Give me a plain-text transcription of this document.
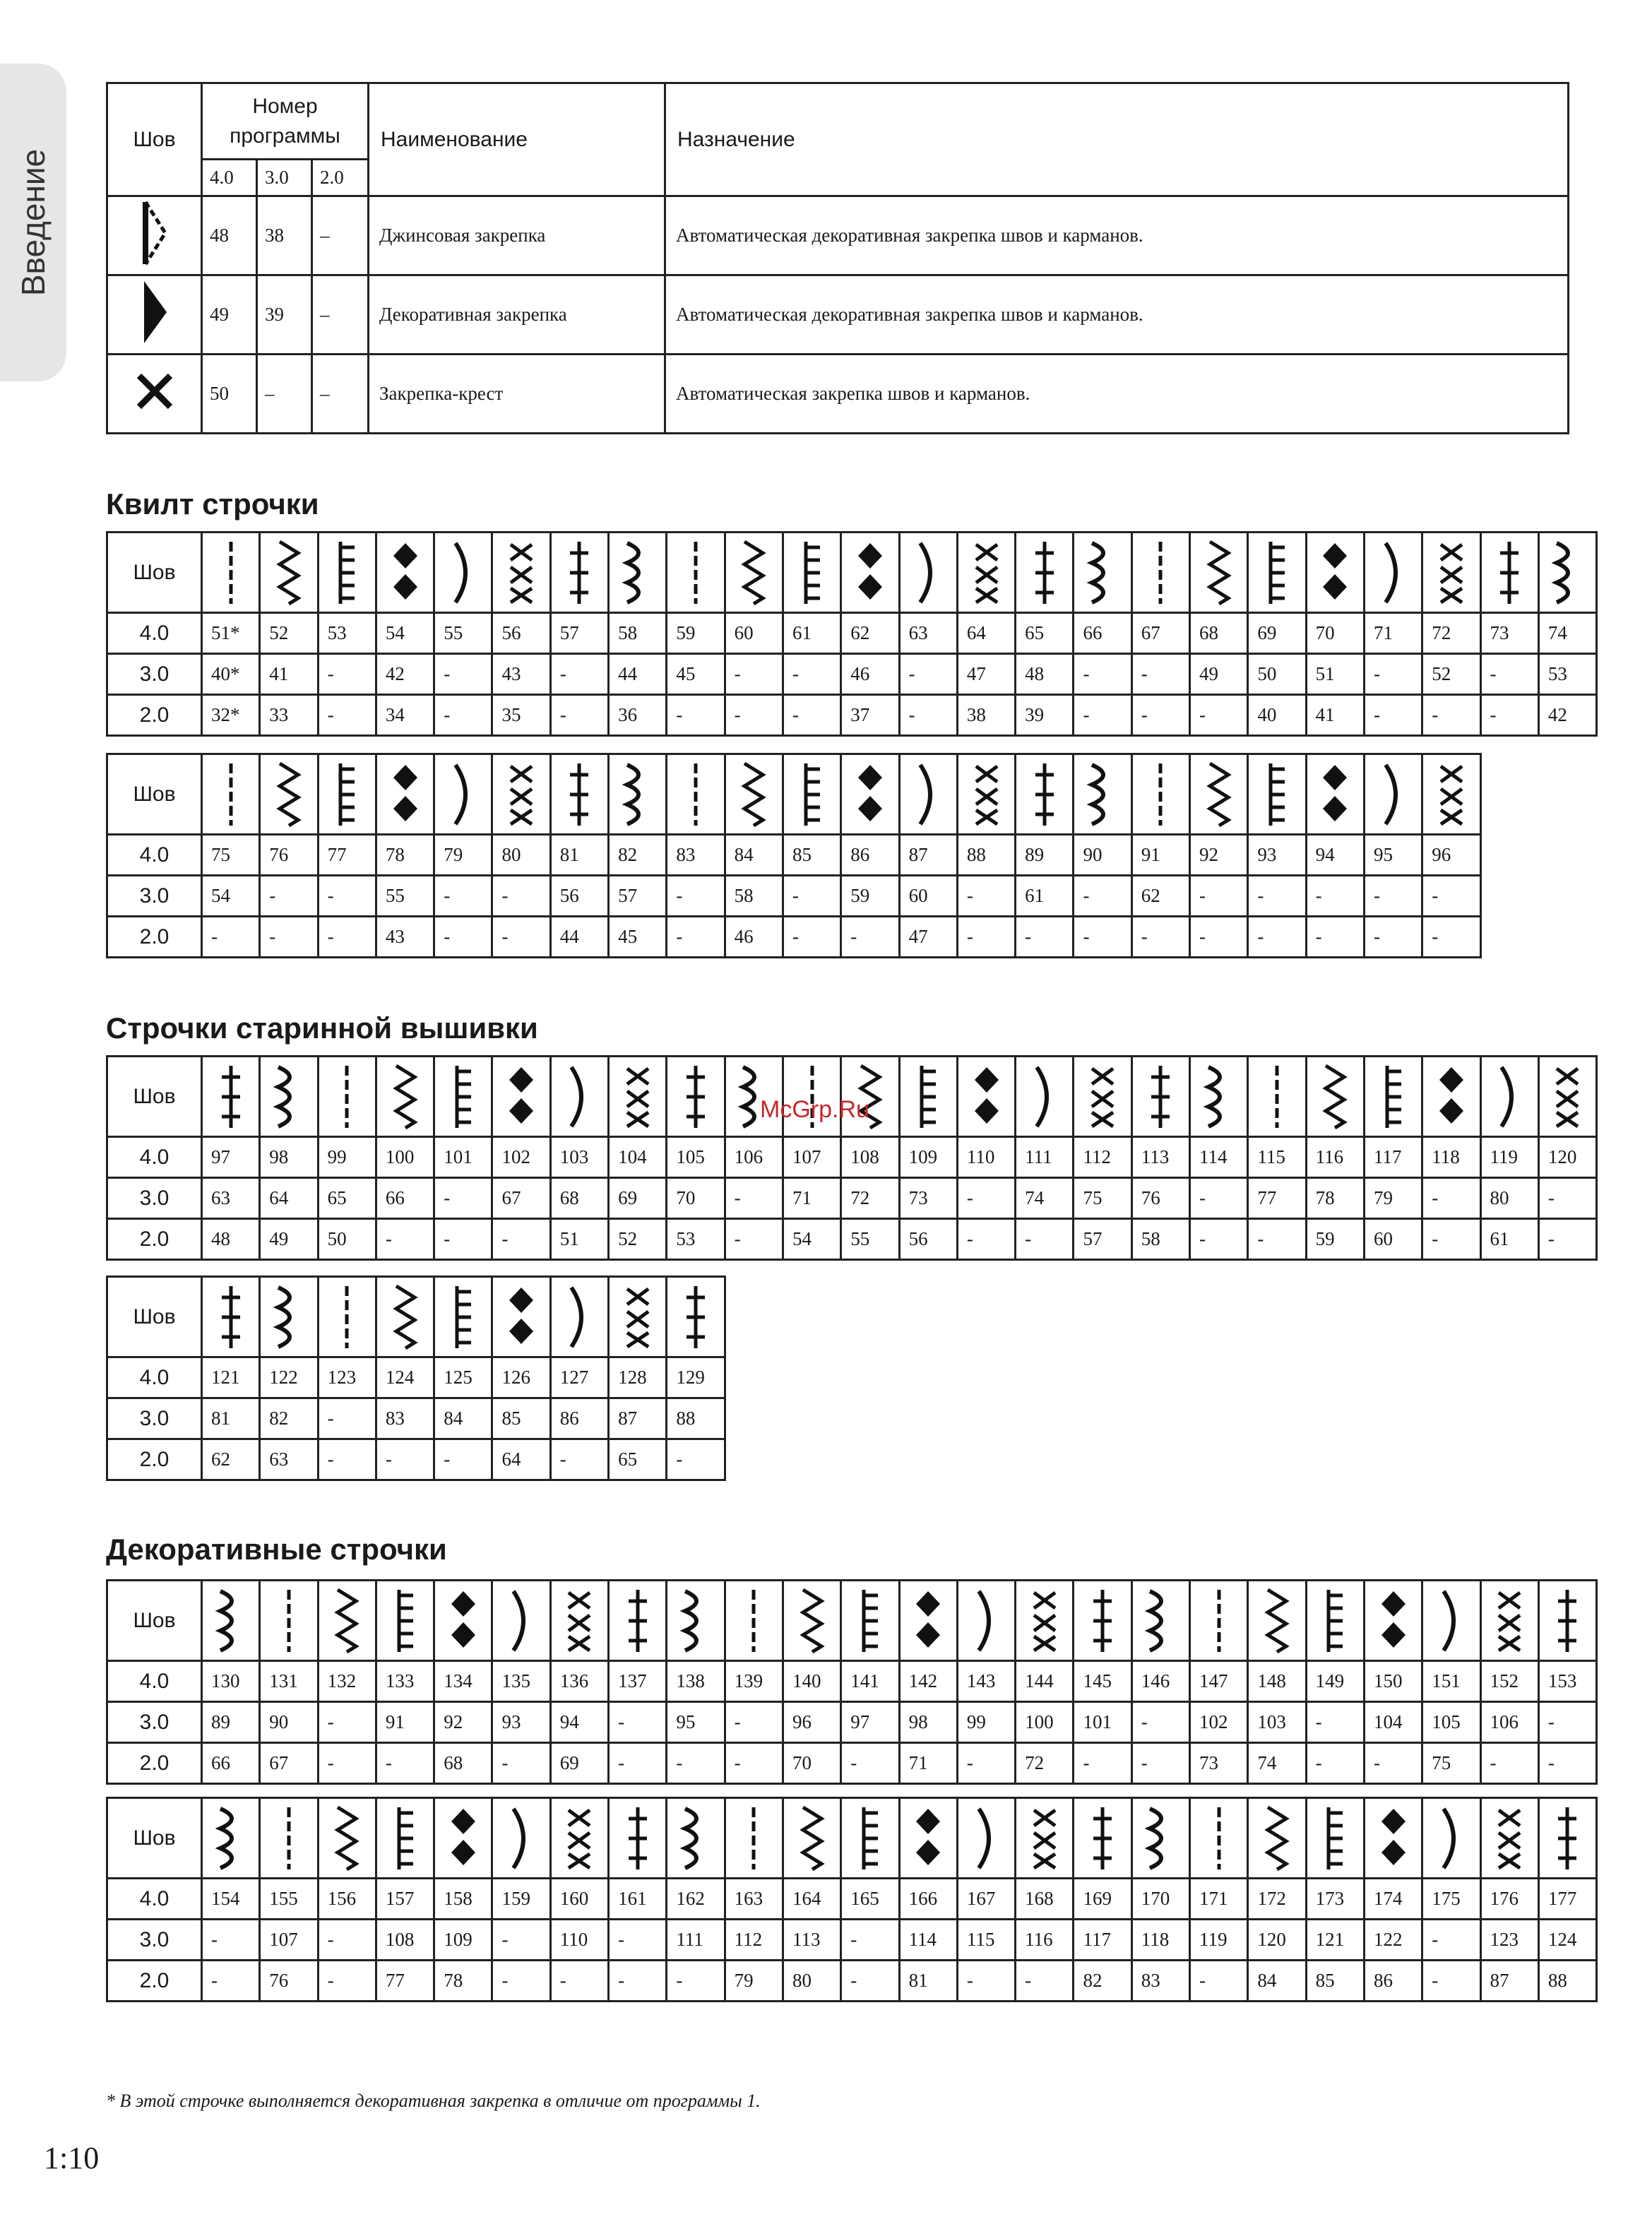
Введение
Шов	Номер программы			Наименование	Назначение
	4.0	3.0	2.0		
	48	38	–	Джинсовая закрепка	Автоматическая декоративная закрепка швов и карманов.
	49	39	–	Декоративная закрепка	Автоматическая декоративная закрепка швов и карманов.
	50	–	–	Закрепка-крест	Автоматическая закрепка швов и карманов.
Квилт строчки
Шов	

4.0	51*	52	53	54	55	56	57	58	59	60	61	62	63	64	65	66	67	68	69	70	71	72	73	74
3.0	40*	41	-	42	-	43	-	44	45	-	-	46	-	47	48	-	-	49	50	51	-	52	-	53
2.0	32*	33	-	34	-	35	-	36	-	-	-	37	-	38	39	-	-	-	40	41	-	-	-	42
Шов	

4.0	75	76	77	78	79	80	81	82	83	84	85	86	87	88	89	90	91	92	93	94	95	96
3.0	54	-	-	55	-	-	56	57	-	58	-	59	60	-	61	-	62	-	-	-	-	-
2.0	-	-	-	43	-	-	44	45	-	46	-	-	47	-	-	-	-	-	-	-	-	-
Строчки старинной вышивки
Шов	

4.0	97	98	99	100	101	102	103	104	105	106	107	108	109	110	111	112	113	114	115	116	117	118	119	120
3.0	63	64	65	66	-	67	68	69	70	-	71	72	73	-	74	75	76	-	77	78	79	-	80	-
2.0	48	49	50	-	-	-	51	52	53	-	54	55	56	-	-	57	58	-	-	59	60	-	61	-
Шов	

4.0	121	122	123	124	125	126	127	128	129
3.0	81	82	-	83	84	85	86	87	88
2.0	62	63	-	-	-	64	-	65	-
Декоративные строчки
Шов	

4.0	130	131	132	133	134	135	136	137	138	139	140	141	142	143	144	145	146	147	148	149	150	151	152	153
3.0	89	90	-	91	92	93	94	-	95	-	96	97	98	99	100	101	-	102	103	-	104	105	106	-
2.0	66	67	-	-	68	-	69	-	-	-	70	-	71	-	72	-	-	73	74	-	-	75	-	-
Шов	

4.0	154	155	156	157	158	159	160	161	162	163	164	165	166	167	168	169	170	171	172	173	174	175	176	177
3.0	-	107	-	108	109	-	110	-	111	112	113	-	114	115	116	117	118	119	120	121	122	-	123	124
2.0	-	76	-	77	78	-	-	-	-	79	80	-	81	-	-	82	83	-	84	85	86	-	87	88
* В этой строчке выполняется декоративная закрепка в отличие от программы 1.
1:10
McGrp.Ru
